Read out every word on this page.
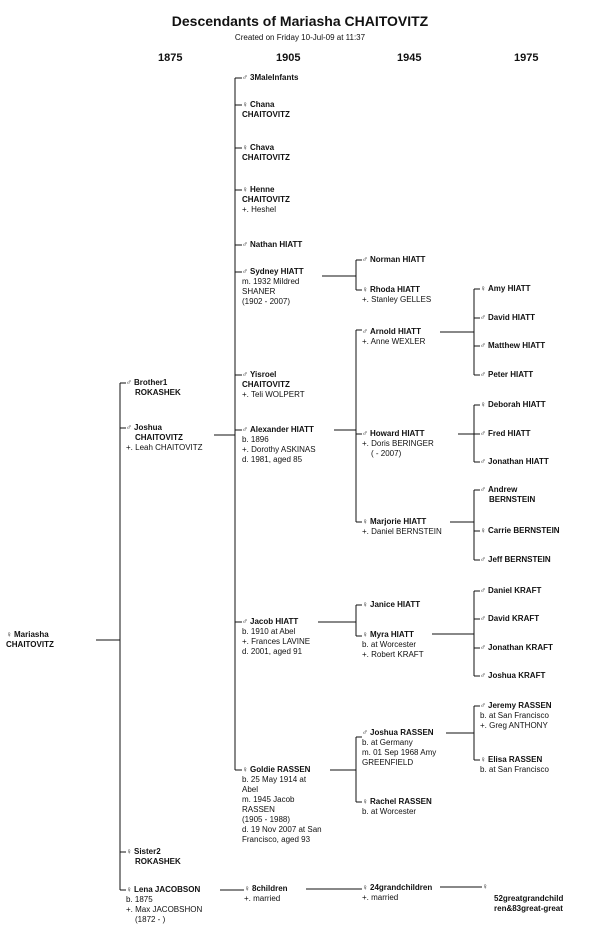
Descendants of Mariasha CHAITOVITZ
Created on Friday 10-Jul-09 at 11:37
1875	1905	1945	1975
♀ Mariasha
CHAITOVITZ
♂ Brother1
ROKASHEK
♂ Joshua
CHAITOVITZ
+. Leah CHAITOVITZ
♀ Sister2
ROKASHEK
♀ Lena JACOBSON
b. 1875
+. Max JACOBSHON
(1872 - )
♂ 3MaleInfants
♀ Chana
CHAITOVITZ
♀ Chava
CHAITOVITZ
♀ Henne
CHAITOVITZ
+. Heshel
♂ Nathan HIATT
♂ Sydney HIATT
m. 1932 Mildred
SHANER
(1902 - 2007)
♂ Yisroel
CHAITOVITZ
+. Teli WOLPERT
♂ Alexander HIATT
b. 1896
+. Dorothy ASKINAS
d. 1981, aged 85
♂ Jacob HIATT
b. 1910 at Abel
+. Frances LAVINE
d. 2001, aged 91
♀ Goldie RASSEN
b. 25 May 1914 at
Abel
m. 1945 Jacob
RASSEN
(1905 - 1988)
d. 19 Nov 2007 at San
Francisco, aged 93
♀ 8children
+. married
♂ Norman HIATT
♀ Rhoda HIATT
+. Stanley GELLES
♂ Arnold HIATT
+. Anne WEXLER
♂ Howard HIATT
+. Doris BERINGER
( - 2007)
♀ Marjorie HIATT
+. Daniel BERNSTEIN
♀ Janice HIATT
♀ Myra HIATT
b. at Worcester
+. Robert KRAFT
♂ Joshua RASSEN
b. at Germany
m. 01 Sep 1968 Amy
GREENFIELD
♀ Rachel RASSEN
b. at Worcester
♀ 24grandchildren
+. married
♀ Amy HIATT
♂ David HIATT
♂ Matthew HIATT
♂ Peter HIATT
♀ Deborah HIATT
♂ Fred HIATT
♂ Jonathan HIATT
♂ Andrew
BERNSTEIN
♀ Carrie BERNSTEIN
♂ Jeff BERNSTEIN
♂ Daniel KRAFT
♂ David KRAFT
♂ Jonathan KRAFT
♂ Joshua KRAFT
♂ Jeremy RASSEN
b. at San Francisco
+. Greg ANTHONY
♀ Elisa RASSEN
b. at San Francisco
♀
52greatgrandchild
ren&83great-great
